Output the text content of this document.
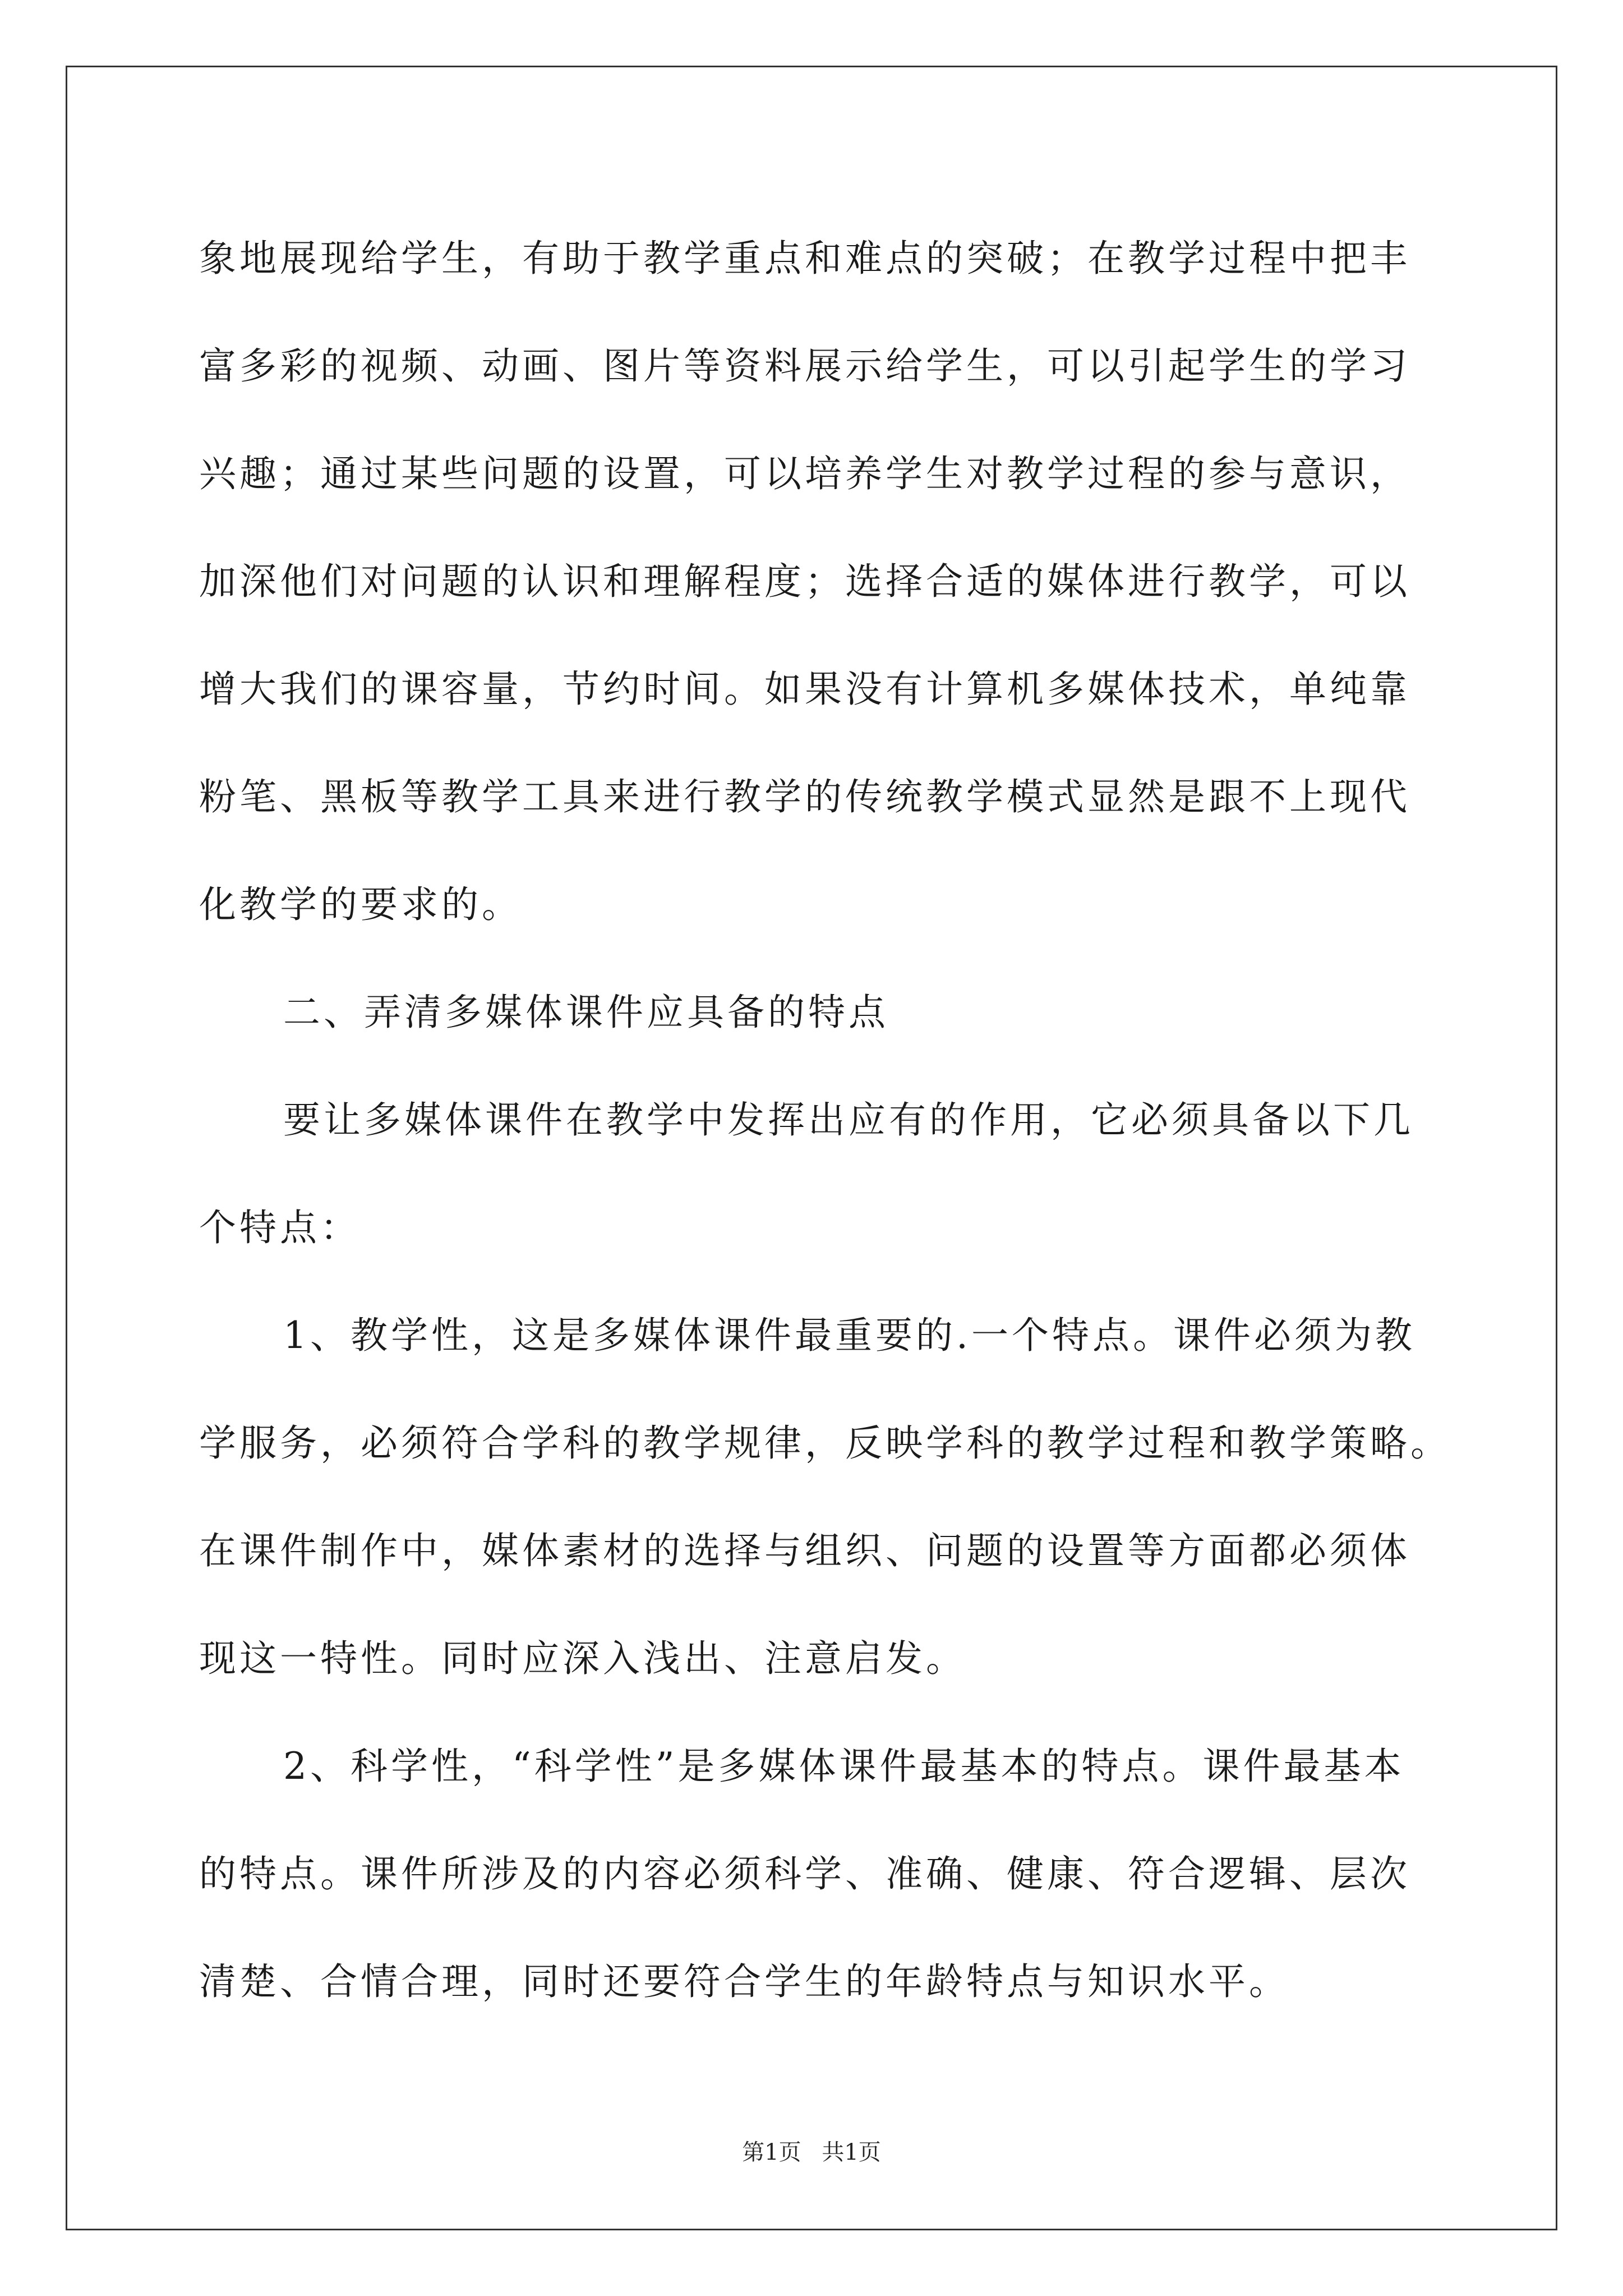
象地展现给学生，有助于教学重点和难点的突破；在教学过程中把丰
富多彩的视频、动画、图片等资料展示给学生，可以引起学生的学习
兴趣；通过某些问题的设置，可以培养学生对教学过程的参与意识，
加深他们对问题的认识和理解程度；选择合适的媒体进行教学，可以
增大我们的课容量，节约时间。如果没有计算机多媒体技术，单纯靠
粉笔、黑板等教学工具来进行教学的传统教学模式显然是跟不上现代
化教学的要求的。
二、弄清多媒体课件应具备的特点
要让多媒体课件在教学中发挥出应有的作用，它必须具备以下几
个特点：
1、教学性，这是多媒体课件最重要的.一个特点。课件必须为教
学服务，必须符合学科的教学规律，反映学科的教学过程和教学策略。
在课件制作中，媒体素材的选择与组织、问题的设置等方面都必须体
现这一特性。同时应深入浅出、注意启发。
2、科学性，“科学性”是多媒体课件最基本的特点。课件最基本
的特点。课件所涉及的内容必须科学、准确、健康、符合逻辑、层次
清楚、合情合理，同时还要符合学生的年龄特点与知识水平。
第1页 共1页
